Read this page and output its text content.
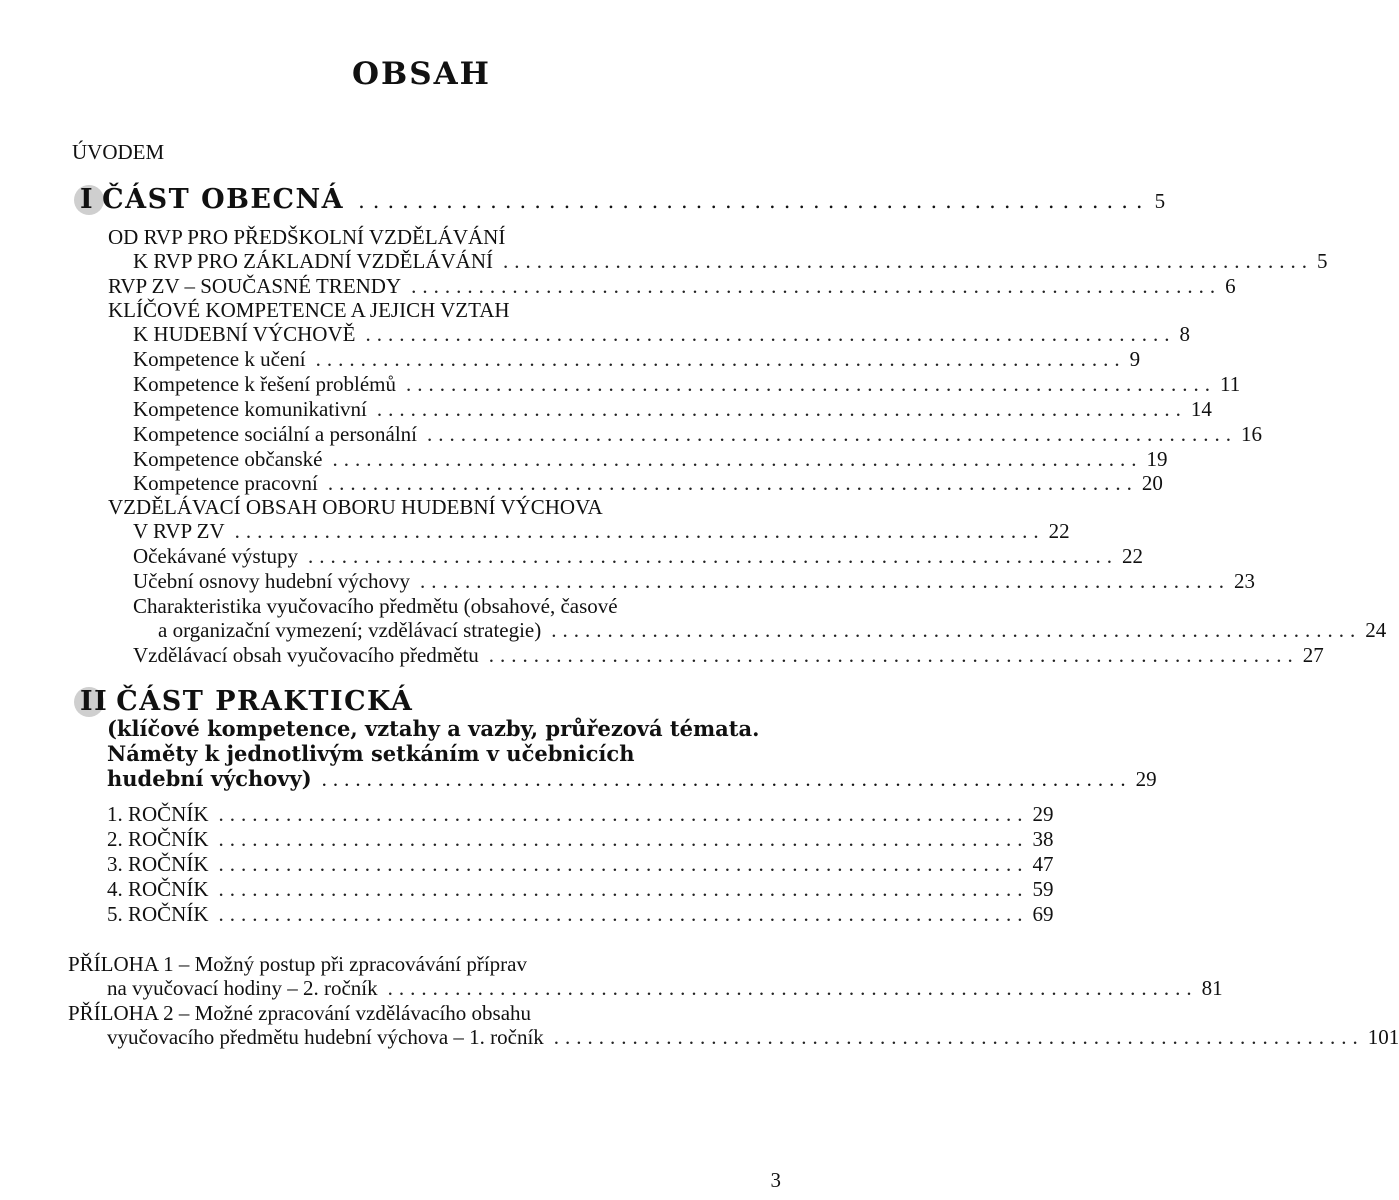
OBSAH
ÚVODEM
I ČÁST OBECNÁ ...................................................... 5
OD RVP PRO PŘEDŠKOLNÍ VZDĚLÁVÁNÍ
K RVP PRO ZÁKLADNÍ VZDĚLÁVÁNÍ ........................................................................ 5
RVP ZV – SOUČASNÉ TRENDY ........................................................................ 6
KLÍČOVÉ KOMPETENCE A JEJICH VZTAH
K HUDEBNÍ VÝCHOVĚ ........................................................................ 8
Kompetence k učení ........................................................................ 9
Kompetence k řešení problémů ........................................................................ 11
Kompetence komunikativní ........................................................................ 14
Kompetence sociální a personální ........................................................................ 16
Kompetence občanské ........................................................................ 19
Kompetence pracovní ........................................................................ 20
VZDĚLÁVACÍ OBSAH OBORU HUDEBNÍ VÝCHOVA
V RVP ZV ........................................................................ 22
Očekávané výstupy ........................................................................ 22
Učební osnovy hudební výchovy ........................................................................ 23
Charakteristika vyučovacího předmětu (obsahové, časové
a organizační vymezení; vzdělávací strategie) ........................................................................ 24
Vzdělávací obsah vyučovacího předmětu ........................................................................ 27
II ČÁST PRAKTICKÁ
(klíčové kompetence, vztahy a vazby, průřezová témata.
Náměty k jednotlivým setkáním v učebnicích
hudební výchovy) ........................................................................ 29
1. ROČNÍK ........................................................................ 29
2. ROČNÍK ........................................................................ 38
3. ROČNÍK ........................................................................ 47
4. ROČNÍK ........................................................................ 59
5. ROČNÍK ........................................................................ 69
PŘÍLOHA 1 – Možný postup při zpracovávání příprav
na vyučovací hodiny – 2. ročník ........................................................................ 81
PŘÍLOHA 2 – Možné zpracování vzdělávacího obsahu
vyučovacího předmětu hudební výchova – 1. ročník ........................................................................ 101
3
